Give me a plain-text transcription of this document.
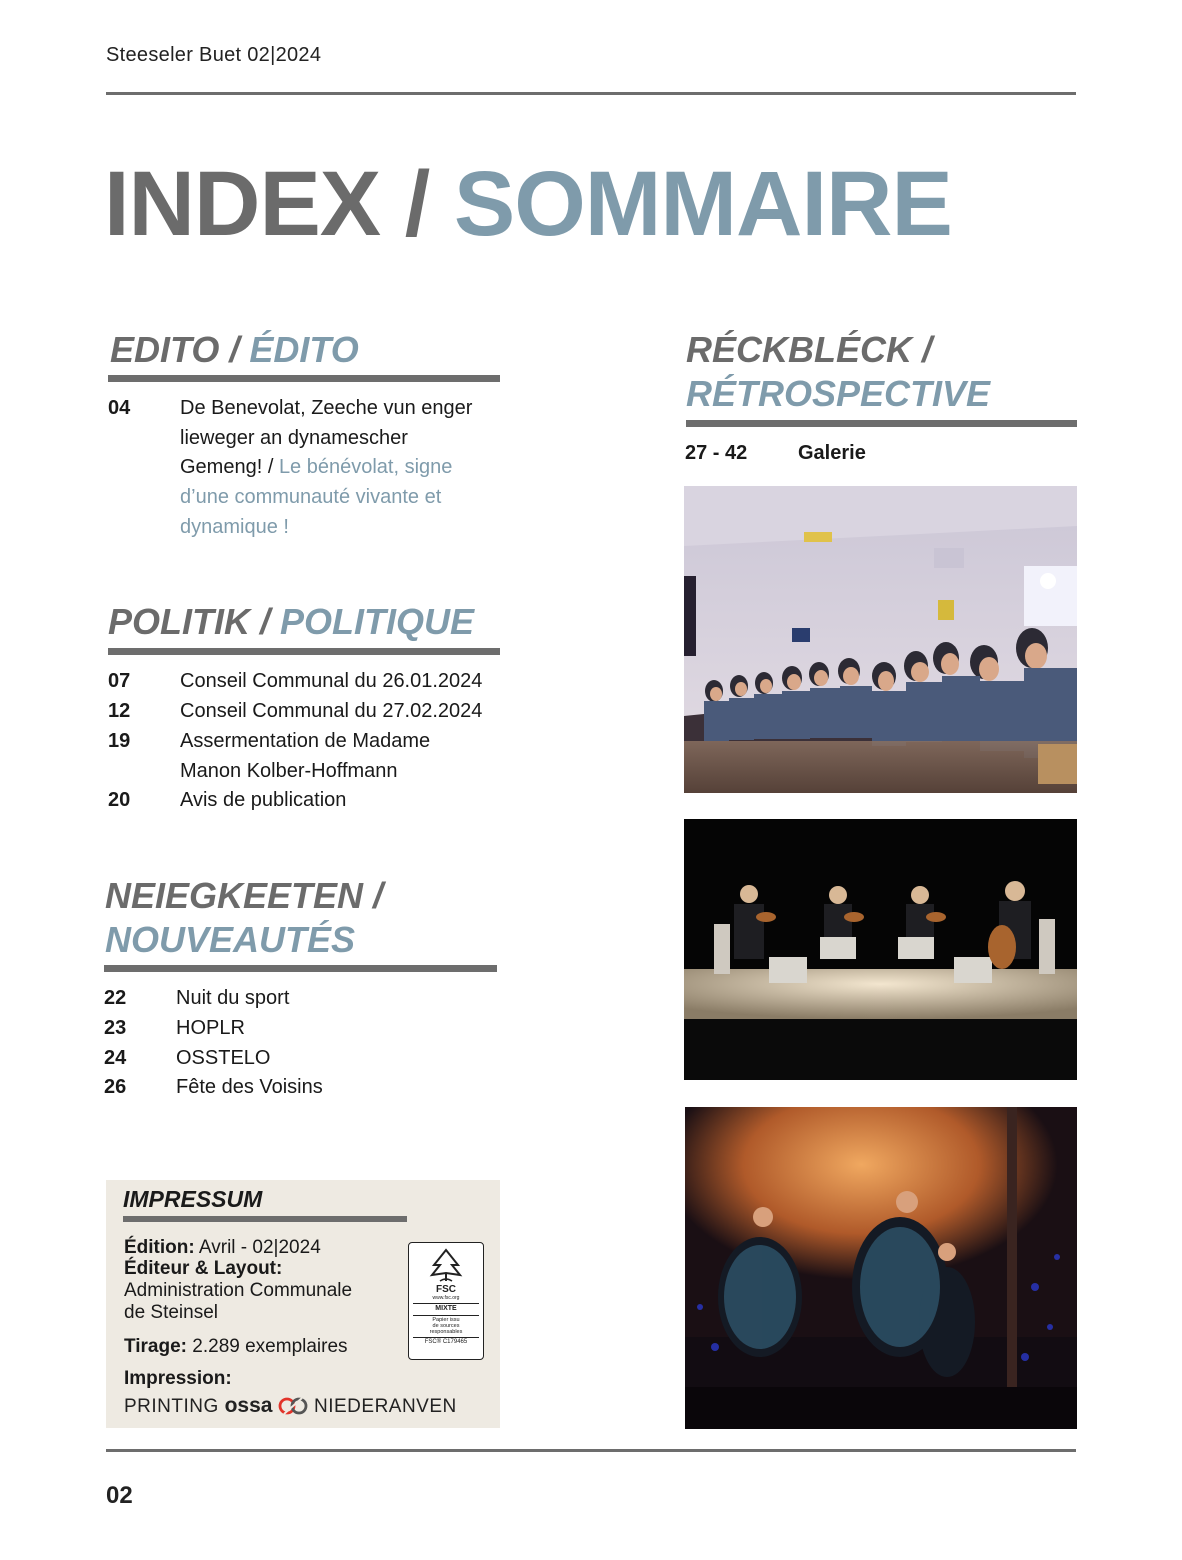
Steeseler Buet 02|2024
INDEX / SOMMAIRE
EDITO / ÉDITO
04 De Benevolat, Zeeche vun enger
lieweger an dynamescher
Gemeng! / Le bénévolat, signe
d’une communauté vivante et
dynamique !
POLITIK / POLITIQUE
07 Conseil Communal du 26.01.2024
12 Conseil Communal du 27.02.2024
19 Assermentation de Madame
Manon Kolber-Hoffmann
20 Avis de publication
NEIEGKEETEN /
NOUVEAUTÉS
22 Nuit du sport
23 HOPLR
24 OSSTELO
26 Fête des Voisins
RÉCKBLÉCK /
RÉTROSPECTIVE
27 - 42	Galerie
IMPRESSUM
Édition: Avril - 02|2024
Éditeur & Layout:
Administration Communale
de Steinsel
Tirage: 2.289 exemplaires
Impression:
PRINTING ossa  NIEDERANVEN
FSC
www.fsc.org
MIXTE
Papier issu
de sources
responsables
FSC® C179465
02
